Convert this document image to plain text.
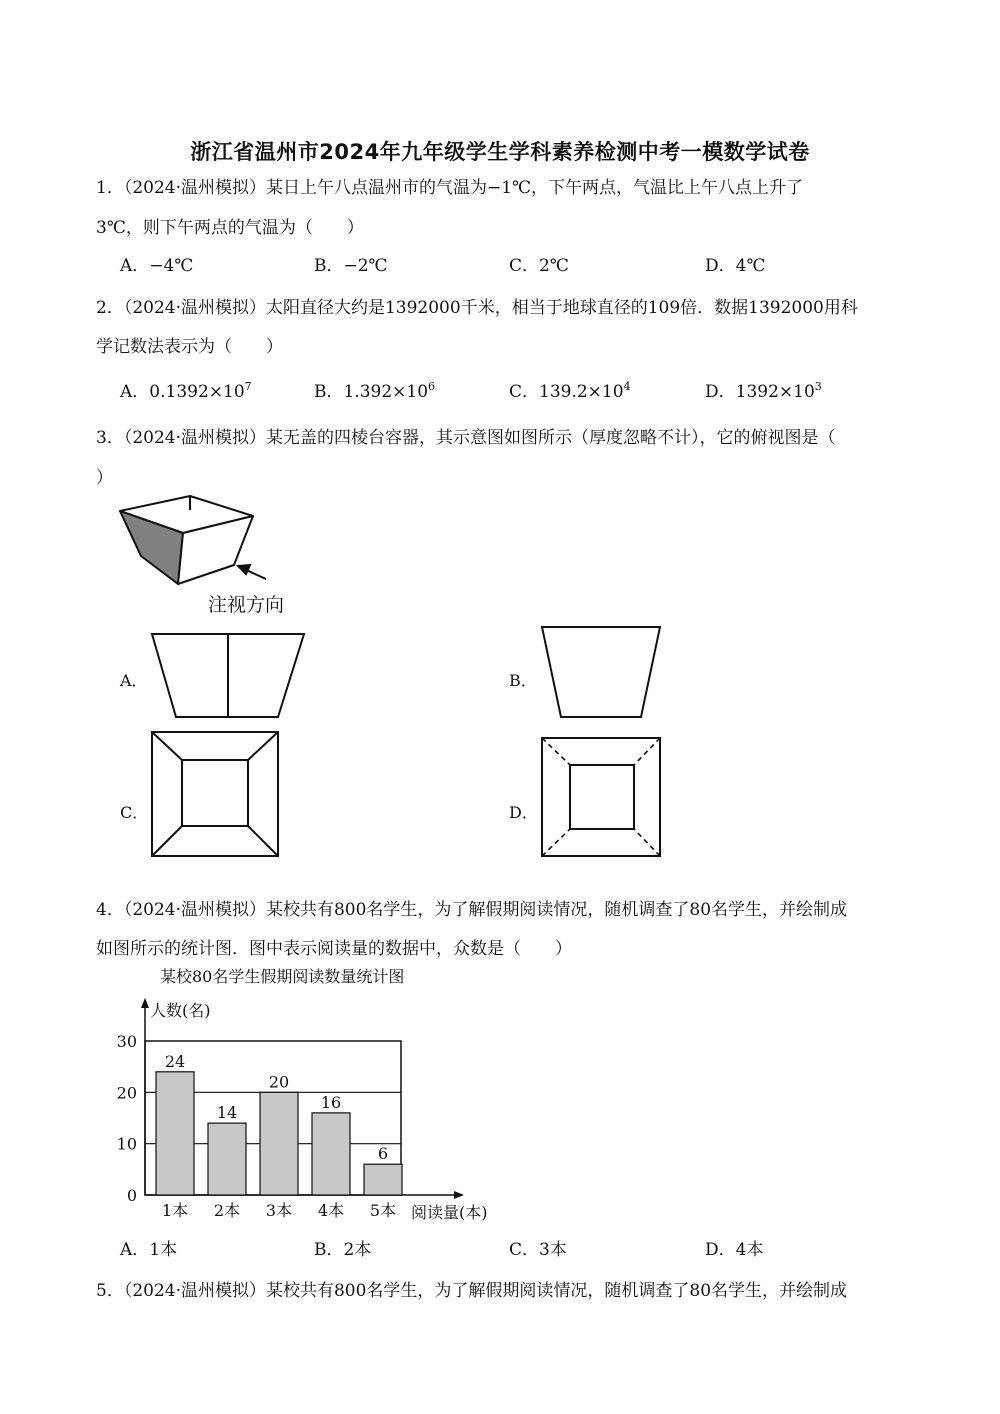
浙江省温州市2024年九年级学生学科素养检测中考一模数学试卷
1．（2024·温州模拟）某日上午八点温州市的气温为−1℃，下午两点，气温比上午八点上升了
3℃，则下午两点的气温为（　　）
A．−4℃	B．−2℃	C．2℃	D．4℃
2．（2024·温州模拟）太阳直径大约是1392000千米，相当于地球直径的109倍．数据1392000用科
学记数法表示为（　　）
A．$0.1392\times 10^7$	B．$1.392\times 10^6$	C．$139.2\times 10^4$	D．$1392\times 10^3$
3．（2024·温州模拟）某无盖的四棱台容器，其示意图如图所示（厚度忽略不计），它的俯视图是（
）
注视方向
A．	B．
C．	D．
4．（2024·温州模拟）某校共有800名学生，为了解假期阅读情况，随机调查了80名学生，并绘制成
如图所示的统计图．图中表示阅读量的数据中，众数是（　　）
某校80名学生假期阅读数量统计图
人数(名)
阅读量(本)
0
10
20
30
24
14
20
16
6
1本 2本 3本 4本 5本
A．1本	B．2本	C．3本	D．4本
5．（2024·温州模拟）某校共有800名学生，为了解假期阅读情况，随机调查了80名学生，并绘制成
